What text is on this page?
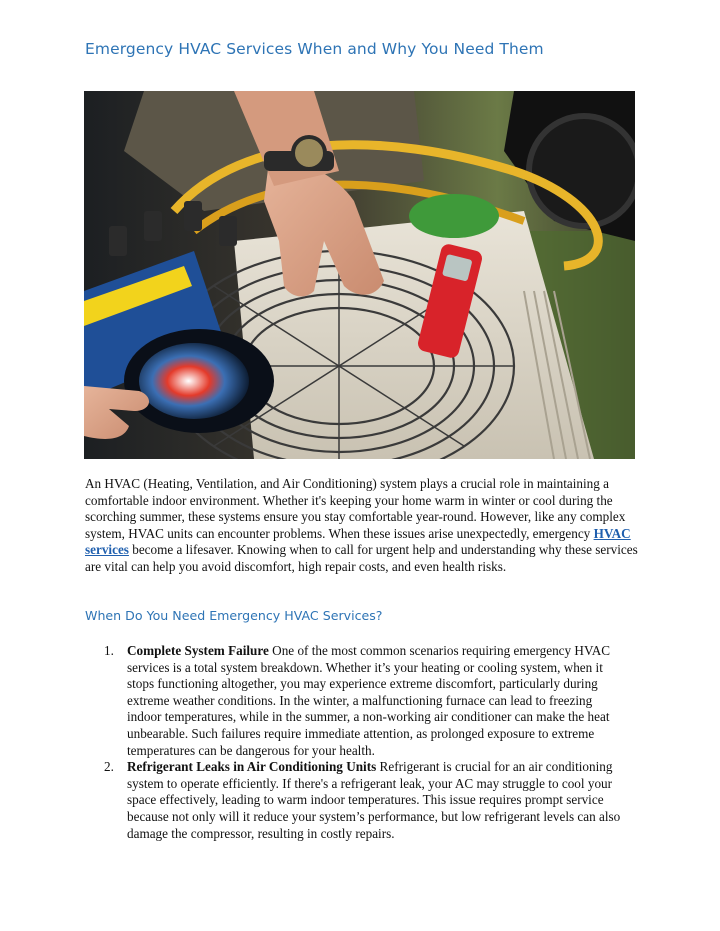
Emergency HVAC Services When and Why You Need Them

An HVAC (Heating, Ventilation, and Air Conditioning) system plays a crucial role in maintaining a comfortable indoor environment. Whether it's keeping your home warm in winter or cool during the scorching summer, these systems ensure you stay comfortable year-round. However, like any complex system, HVAC units can encounter problems. When these issues arise unexpectedly, emergency HVAC services become a lifesaver. Knowing when to call for urgent help and understanding why these services are vital can help you avoid discomfort, high repair costs, and even health risks.

When Do You Need Emergency HVAC Services?
1. Complete System Failure One of the most common scenarios requiring emergency HVAC services is a total system breakdown. Whether it’s your heating or cooling system, when it stops functioning altogether, you may experience extreme discomfort, particularly during extreme weather conditions. In the winter, a malfunctioning furnace can lead to freezing indoor temperatures, while in the summer, a non-working air conditioner can make the heat unbearable. Such failures require immediate attention, as prolonged exposure to extreme temperatures can be dangerous for your health.
2. Refrigerant Leaks in Air Conditioning Units Refrigerant is crucial for an air conditioning system to operate efficiently. If there's a refrigerant leak, your AC may struggle to cool your space effectively, leading to warm indoor temperatures. This issue requires prompt service because not only will it reduce your system’s performance, but low refrigerant levels can also damage the compressor, resulting in costly repairs.
